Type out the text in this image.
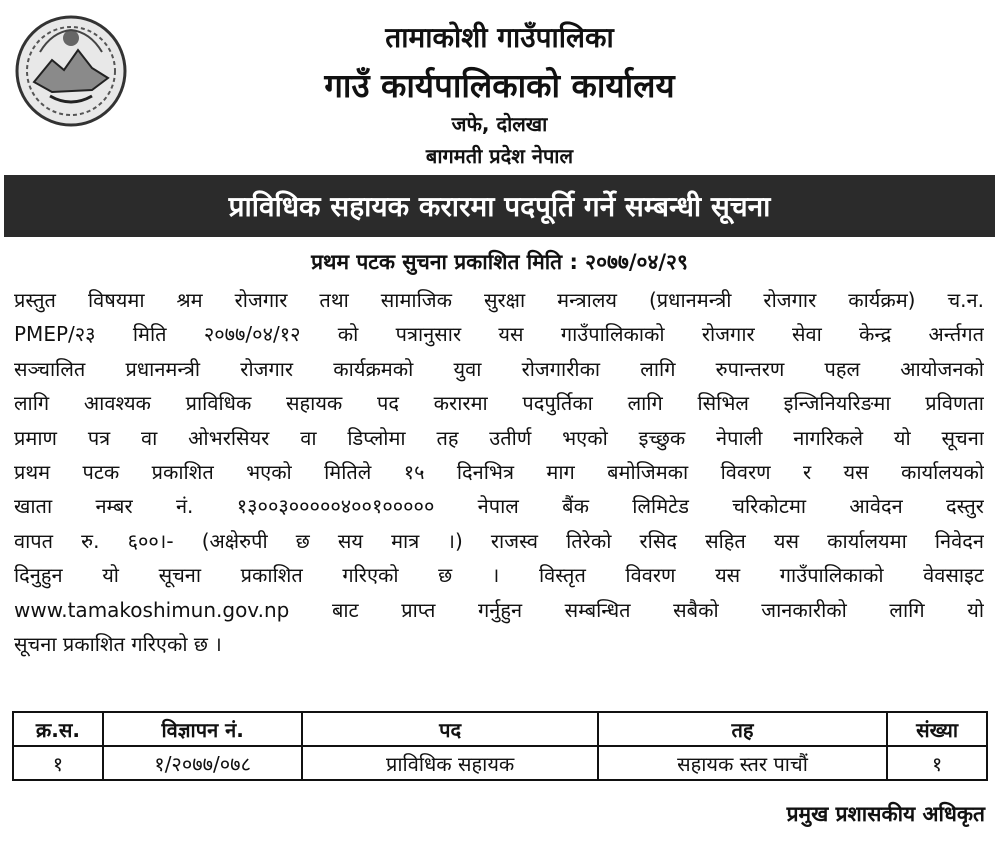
तामाकोशी गाउँपालिका
गाउँ कार्यपालिकाको कार्यालय
जफे, दोलखा
बागमती प्रदेश नेपाल
प्राविधिक सहायक करारमा पदपूर्ति गर्ने सम्बन्धी सूचना
प्रथम पटक सुचना प्रकाशित मिति : २०७७/०४/२९
प्रस्तुत विषयमा श्रम रोजगार तथा सामाजिक सुरक्षा मन्त्रालय (प्रधानमन्त्री रोजगार कार्यक्रम) च.न.
PMEP/२३ मिति २०७७/०४/१२ को पत्रानुसार यस गाउँपालिकाको रोजगार सेवा केन्द्र अर्न्तगत
सञ्चालित प्रधानमन्त्री रोजगार कार्यक्रमको युवा रोजगारीका लागि रुपान्तरण पहल आयोजनको
लागि आवश्यक प्राविधिक सहायक पद करारमा पदपुर्तिका लागि सिभिल इन्जिनियरिङमा प्रविणता
प्रमाण पत्र वा ओभरसियर वा डिप्लोमा तह उतीर्ण भएको इच्छुक नेपाली नागरिकले यो सूचना
प्रथम पटक प्रकाशित भएको मितिले १५ दिनभित्र माग बमोजिमका विवरण र यस कार्यालयको
खाता नम्बर नं. १३००३०००००४००१००००० नेपाल बैंक लिमिटेड चरिकोटमा आवेदन दस्तुर
वापत रु. ६००।- (अक्षेरुपी छ सय मात्र ।) राजस्व तिरेको रसिद सहित यस कार्यालयमा निवेदन
दिनुहुन यो सूचना प्रकाशित गरिएको छ । विस्तृत विवरण यस गाउँपालिकाको वेवसाइट
www.tamakoshimun.gov.np बाट प्राप्त गर्नुहुन सम्बन्धित सबैको जानकारीको लागि यो
सूचना प्रकाशित गरिएको छ ।
क्र.स.	विज्ञापन नं.	पद	तह	संख्या
१	१/२०७७/०७८	प्राविधिक सहायक	सहायक स्तर पाचौं	१
प्रमुख प्रशासकीय अधिकृत
